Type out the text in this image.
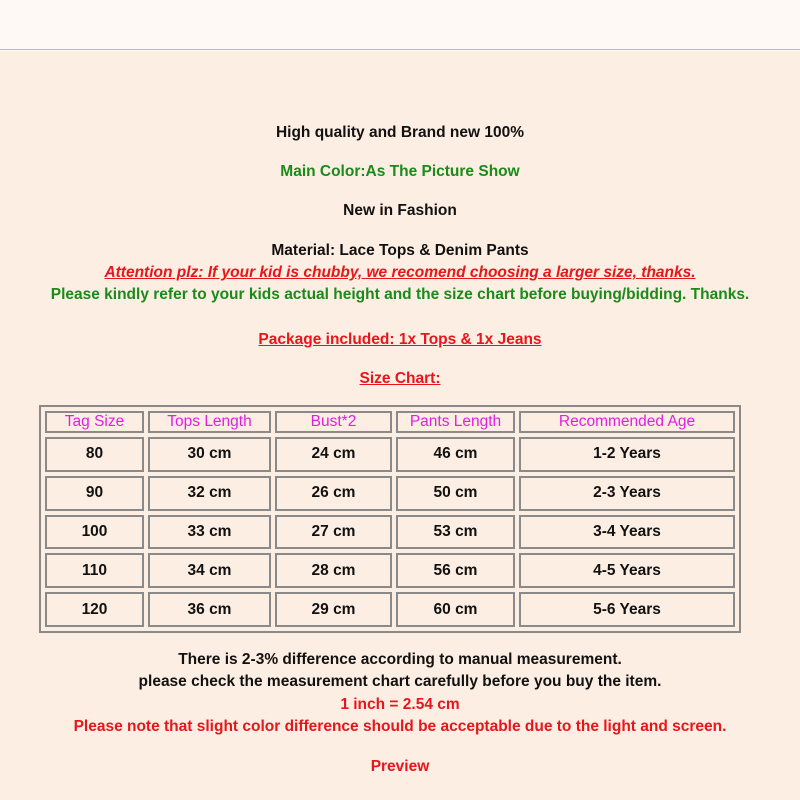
High quality and Brand new 100%
Main Color:As The Picture Show
New in Fashion
Material: Lace Tops & Denim Pants
Attention plz: If your kid is chubby, we recomend choosing a larger size, thanks.
Please kindly refer to your kids actual height and the size chart before buying/bidding. Thanks.
Package included: 1x Tops & 1x Jeans
Size Chart:
Tag Size	Tops Length	Bust*2	Pants Length	Recommended Age
80	30 cm	24 cm	46 cm	1-2 Years
90	32 cm	26 cm	50 cm	2-3 Years
100	33 cm	27 cm	53 cm	3-4 Years
110	34 cm	28 cm	56 cm	4-5 Years
120	36 cm	29 cm	60 cm	5-6 Years
There is 2-3% difference according to manual measurement.
please check the measurement chart carefully before you buy the item.
1 inch = 2.54 cm
Please note that slight color difference should be acceptable due to the light and screen.
Preview
